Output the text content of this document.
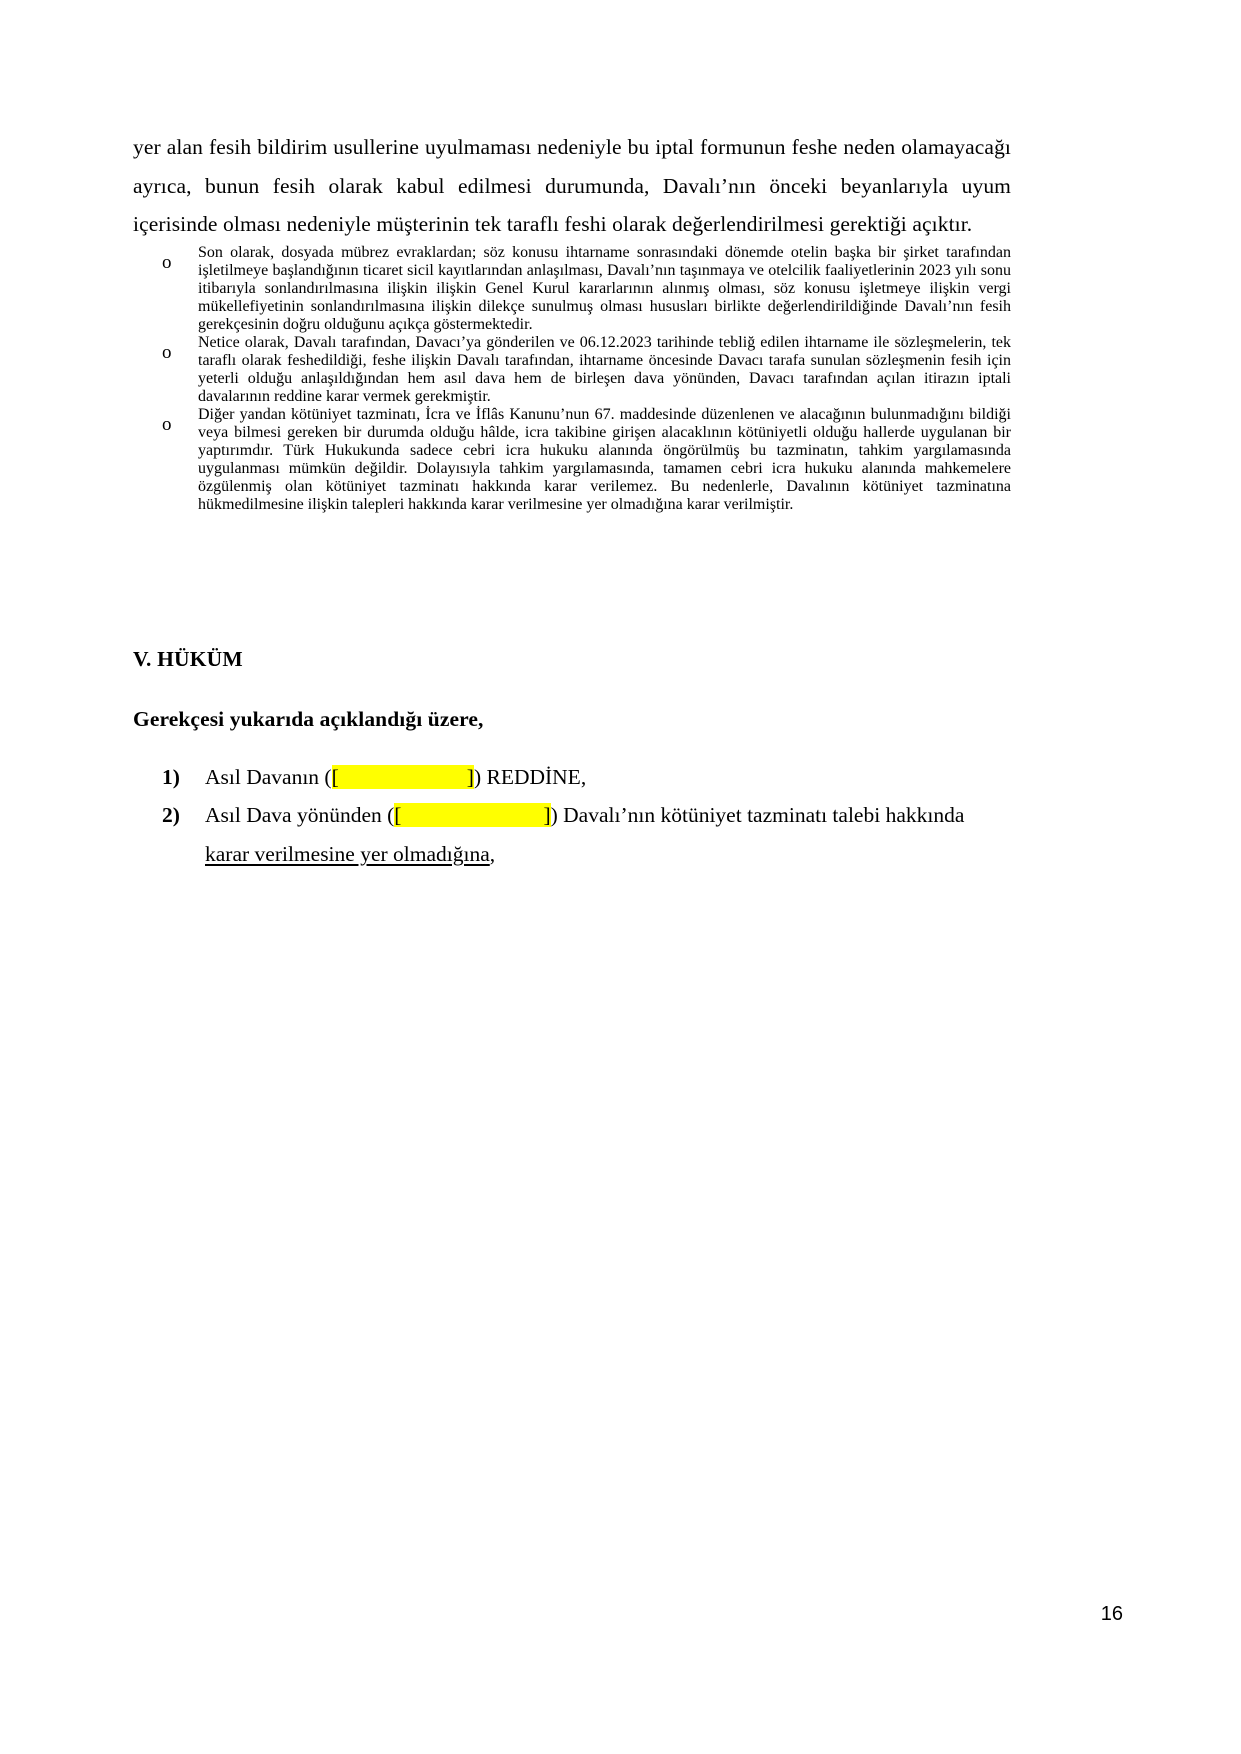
yer alan fesih bildirim usullerine uyulmaması nedeniyle bu iptal formunun feshe neden olamayacağı ayrıca, bunun fesih olarak kabul edilmesi durumunda, Davalı’nın önceki beyanlarıyla uyum içerisinde olması nedeniyle müşterinin tek taraflı feshi olarak değerlendirilmesi gerektiği açıktır.

o Son olarak, dosyada mübrez evraklardan; söz konusu ihtarname sonrasındaki dönemde otelin başka bir şirket tarafından işletilmeye başlandığının ticaret sicil kayıtlarından anlaşılması, Davalı’nın taşınmaya ve otelcilik faaliyetlerinin 2023 yılı sonu itibarıyla sonlandırılmasına ilişkin ilişkin Genel Kurul kararlarının alınmış olması, söz konusu işletmeye ilişkin vergi mükellefiyetinin sonlandırılmasına ilişkin dilekçe sunulmuş olması hususları birlikte değerlendirildiğinde Davalı’nın fesih gerekçesinin doğru olduğunu açıkça göstermektedir.
o Netice olarak, Davalı tarafından, Davacı’ya gönderilen ve 06.12.2023 tarihinde tebliğ edilen ihtarname ile sözleşmelerin, tek taraflı olarak feshedildiği, feshe ilişkin Davalı tarafından, ihtarname öncesinde Davacı tarafa sunulan sözleşmenin fesih için yeterli olduğu anlaşıldığından hem asıl dava hem de birleşen dava yönünden, Davacı tarafından açılan itirazın iptali davalarının reddine karar vermek gerekmiştir.
o Diğer yandan kötüniyet tazminatı, İcra ve İflâs Kanunu’nun 67. maddesinde düzenlenen ve alacağının bulunmadığını bildiği veya bilmesi gereken bir durumda olduğu hâlde, icra takibine girişen alacaklının kötüniyetli olduğu hallerde uygulanan bir yaptırımdır. Türk Hukukunda sadece cebri icra hukuku alanında öngörülmüş bu tazminatın, tahkim yargılamasında uygulanması mümkün değildir. Dolayısıyla tahkim yargılamasında, tamamen cebri icra hukuku alanında mahkemelere özgülenmiş olan kötüniyet tazminatı hakkında karar verilemez. Bu nedenlerle, Davalının kötüniyet tazminatına hükmedilmesine ilişkin talepleri hakkında karar verilmesine yer olmadığına karar verilmiştir.
V. HÜKÜM

Gerekçesi yukarıda açıklandığı üzere,

1) Asıl Davanın ([	]) REDDİNE,
2) Asıl Dava yönünden ([	]) Davalı’nın kötüniyet tazminatı talebi hakkında karar verilmesine yer olmadığına,
16
